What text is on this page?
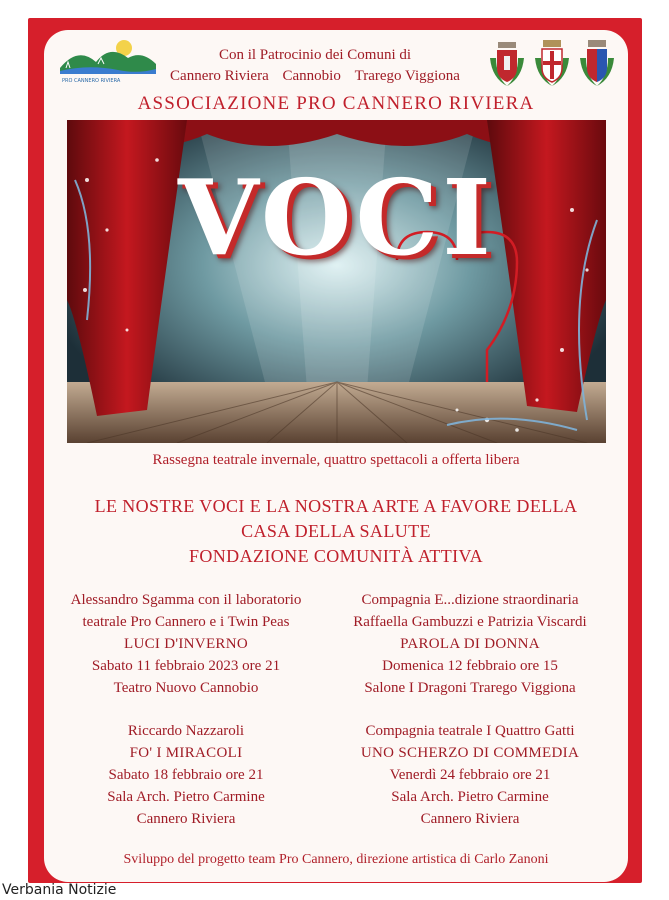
PRO CANNERO RIVIERA
Con il Patrocinio dei Comuni di
Cannero Riviera Cannobio Trarego Viggiona
ASSOCIAZIONE PRO CANNERO RIVIERA
VOCI
Rassegna teatrale invernale, quattro spettacoli a offerta libera
LE NOSTRE VOCI E LA NOSTRA ARTE A FAVORE DELLA
CASA DELLA SALUTE
FONDAZIONE COMUNITÀ ATTIVA
Alessandro Sgamma con il laboratorio
teatrale Pro Cannero e i Twin Peas
LUCI D'INVERNO
Sabato 11 febbraio 2023 ore 21
Teatro Nuovo Cannobio
Compagnia E...dizione straordinaria
Raffaella Gambuzzi e Patrizia Viscardi
PAROLA DI DONNA
Domenica 12 febbraio ore 15
Salone I Dragoni Trarego Viggiona
Riccardo Nazzaroli
FO' I MIRACOLI
Sabato 18 febbraio ore 21
Sala Arch. Pietro Carmine
Cannero Riviera
Compagnia teatrale I Quattro Gatti
UNO SCHERZO DI COMMEDIA
Venerdì 24 febbraio ore 21
Sala Arch. Pietro Carmine
Cannero Riviera
Sviluppo del progetto team Pro Cannero, direzione artistica di Carlo Zanoni
Verbania Notizie
